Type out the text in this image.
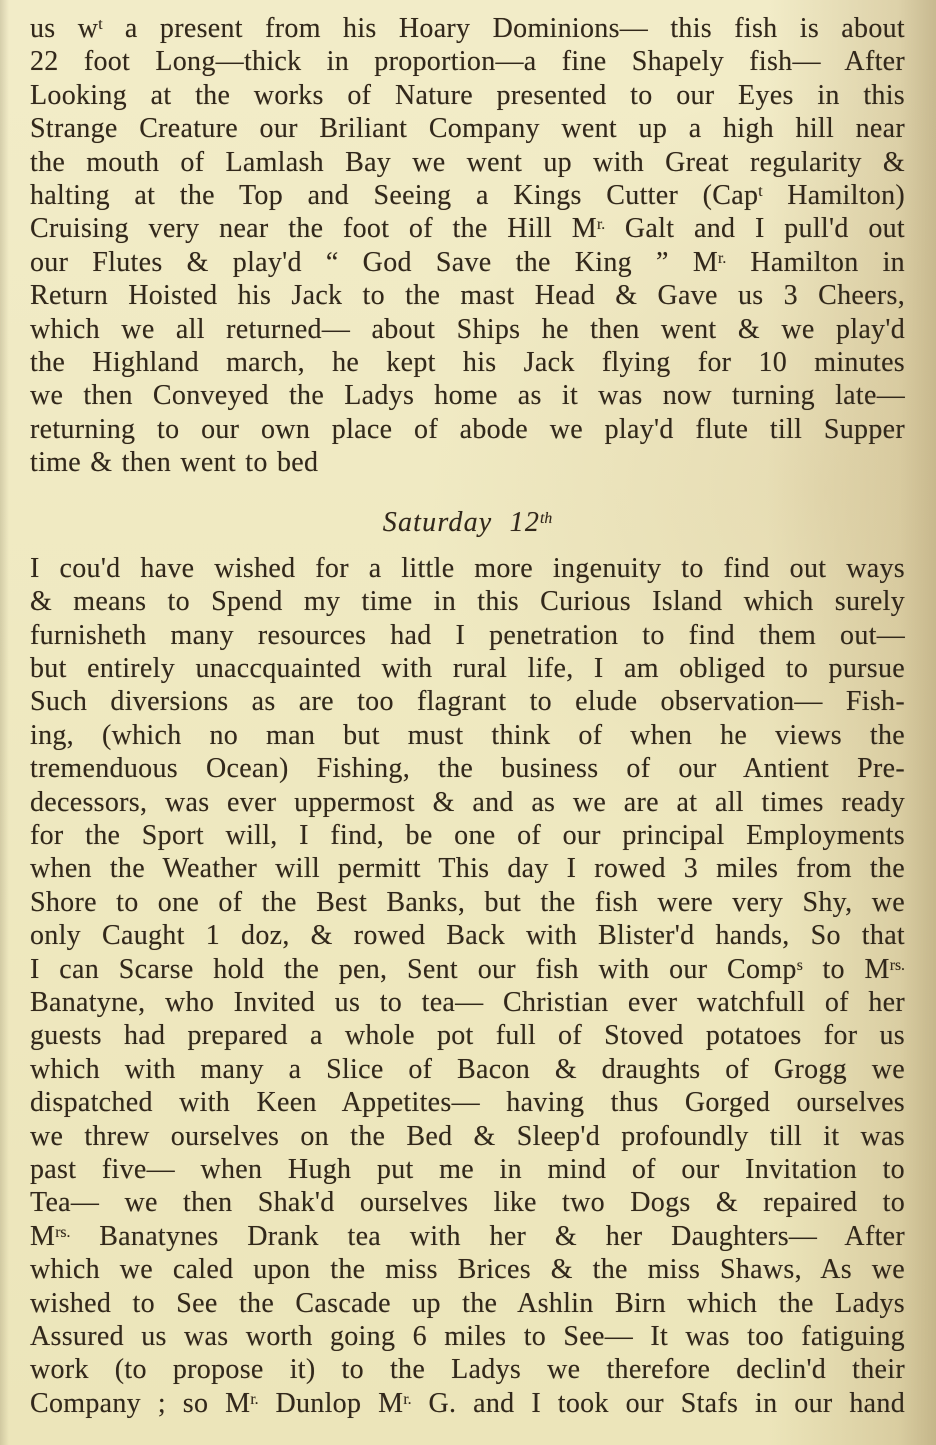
us $w^t$ a present from his Hoary Dominions— this fish is about
22 foot Long—thick in proportion—a fine Shapely fish— After
Looking at the works of Nature presented to our Eyes in this
Strange Creature our Briliant Company went up a high hill near
the mouth of Lamlash Bay we went up with Great regularity &
halting at the Top and Seeing a Kings Cutter (Cap$^t$ Hamilton)
Cruising very near the foot of the Hill $M^{r.}$ Galt and I pull'd out
our Flutes & play'd “ God Save the King ” $M^{r.}$ Hamilton in
Return Hoisted his Jack to the mast Head & Gave us 3 Cheers,
which we all returned— about Ships he then went & we play'd
the Highland march, he kept his Jack flying for 10 minutes
we then Conveyed the Ladys home as it was now turning late—
returning to our own place of abode we play'd flute till Supper
time & then went to bed
Saturday 12th
I cou'd have wished for a little more ingenuity to find out ways
& means to Spend my time in this Curious Island which surely
furnisheth many resources had I penetration to find them out—
but entirely unaccquainted with rural life, I am obliged to pursue
Such diversions as are too flagrant to elude observation— Fish-
ing, (which no man but must think of when he views the
tremenduous Ocean) Fishing, the business of our Antient Pre-
decessors, was ever uppermost & and as we are at all times ready
for the Sport will, I find, be one of our principal Employments
when the Weather will permitt This day I rowed 3 miles from the
Shore to one of the Best Banks, but the fish were very Shy, we
only Caught 1 doz, & rowed Back with Blister'd hands, So that
I can Scarse hold the pen, Sent our fish with our Comp$^s$ to $M^{rs.}$
Banatyne, who Invited us to tea— Christian ever watchfull of her
guests had prepared a whole pot full of Stoved potatoes for us
which with many a Slice of Bacon & draughts of Grogg we
dispatched with Keen Appetites— having thus Gorged ourselves
we threw ourselves on the Bed & Sleep'd profoundly till it was
past five— when Hugh put me in mind of our Invitation to
Tea— we then Shak'd ourselves like two Dogs & repaired to
$M^{rs.}$ Banatynes Drank tea with her & her Daughters— After
which we caled upon the miss Brices & the miss Shaws, As we
wished to See the Cascade up the Ashlin Birn which the Ladys
Assured us was worth going 6 miles to See— It was too fatiguing
work (to propose it) to the Ladys we therefore declin'd their
Company ; so $M^{r.}$ Dunlop $M^{r.}$ G. and I took our Stafs in our hand
